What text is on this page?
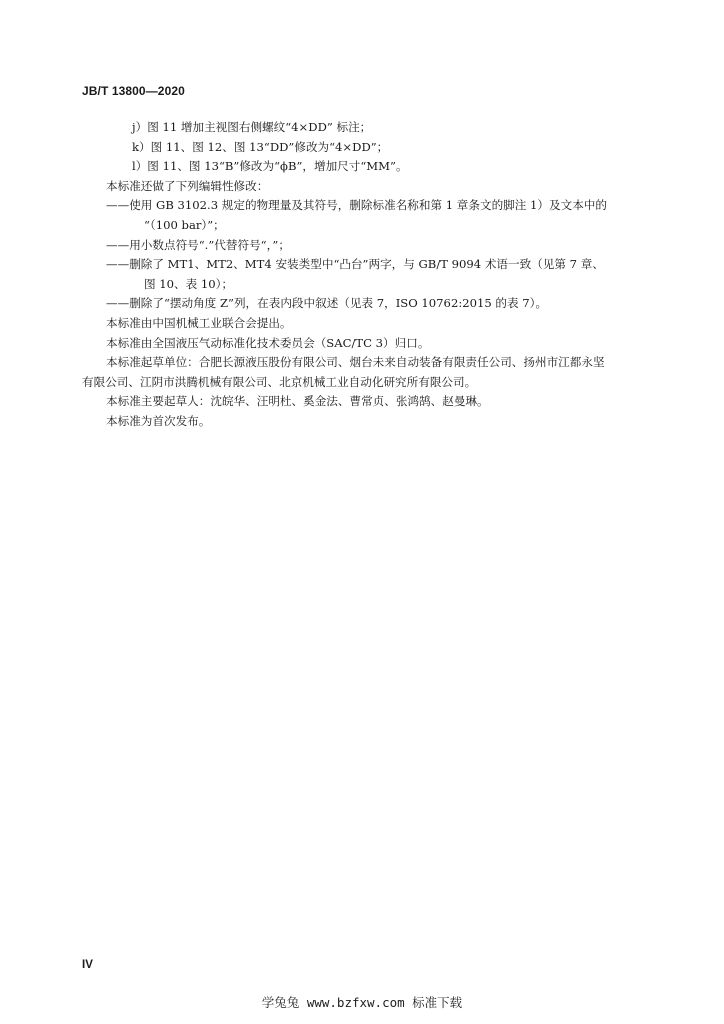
JB/T 13800—2020

j）图 11 增加主视图右侧螺纹“4×DD” 标注；

k）图 11、图 12、图 13“DD”修改为“4×DD”；

l）图 11、图 13“B”修改为“ϕB”，增加尺寸“MM”。

本标准还做了下列编辑性修改：

——使用 GB 3102.3 规定的物理量及其符号，删除标准名称和第 1 章条文的脚注 1）及文本中的

“（100 bar）”；

——用小数点符号“.”代替符号“，”；

——删除了 MT1、MT2、MT4 安装类型中“凸台”两字，与 GB/T 9094 术语一致（见第 7 章、

图 10、表 10）；

——删除了“摆动角度 Z”列，在表内段中叙述（见表 7，ISO 10762:2015 的表 7）。

本标准由中国机械工业联合会提出。

本标准由全国液压气动标准化技术委员会（SAC/TC 3）归口。

本标准起草单位：合肥长源液压股份有限公司、烟台未来自动装备有限责任公司、扬州市江都永坚

有限公司、江阴市洪腾机械有限公司、北京机械工业自动化研究所有限公司。

本标准主要起草人：沈皖华、汪明杜、奚金法、曹常贞、张鸿鹄、赵曼琳。

本标准为首次发布。

IV
学兔兔 www.bzfxw.com 标准下载
